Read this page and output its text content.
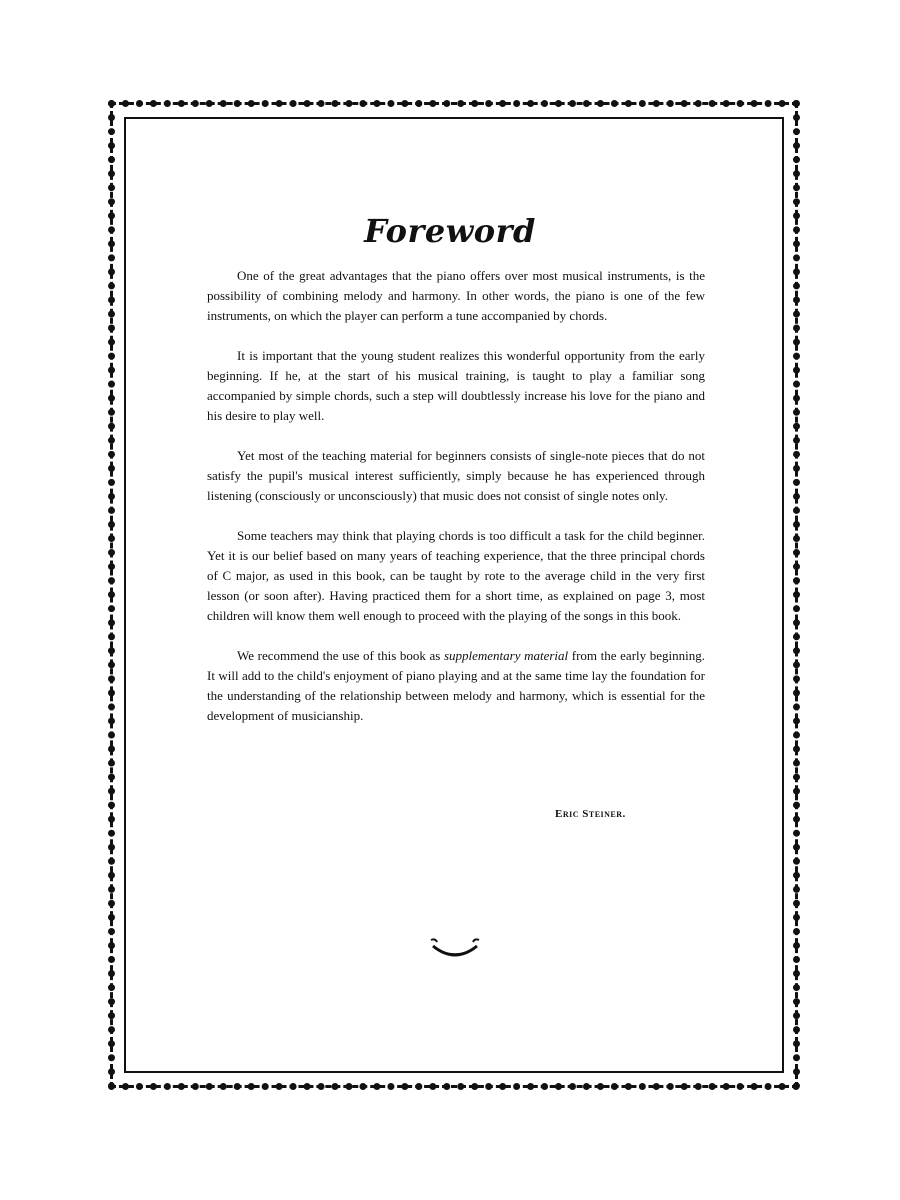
Foreword

One of the great advantages that the piano offers over most musical instruments, is the possibility of combining melody and harmony. In other words, the piano is one of the few instruments, on which the player can perform a tune accompanied by chords.

It is important that the young student realizes this wonderful opportunity from the early beginning. If he, at the start of his musical training, is taught to play a familiar song accompanied by simple chords, such a step will doubtlessly increase his love for the piano and his desire to play well.

Yet most of the teaching material for beginners consists of single-note pieces that do not satisfy the pupil's musical interest sufficiently, simply because he has experienced through listening (consciously or unconsciously) that music does not consist of single notes only.

Some teachers may think that playing chords is too difficult a task for the child beginner. Yet it is our belief based on many years of teaching experience, that the three principal chords of C major, as used in this book, can be taught by rote to the average child in the very first lesson (or soon after). Having practiced them for a short time, as explained on page 3, most children will know them well enough to proceed with the playing of the songs in this book.

We recommend the use of this book as supplementary material from the early beginning. It will add to the child's enjoyment of piano playing and at the same time lay the foundation for the understanding of the relationship between melody and harmony, which is essential for the development of musicianship.

Eric Steiner.
